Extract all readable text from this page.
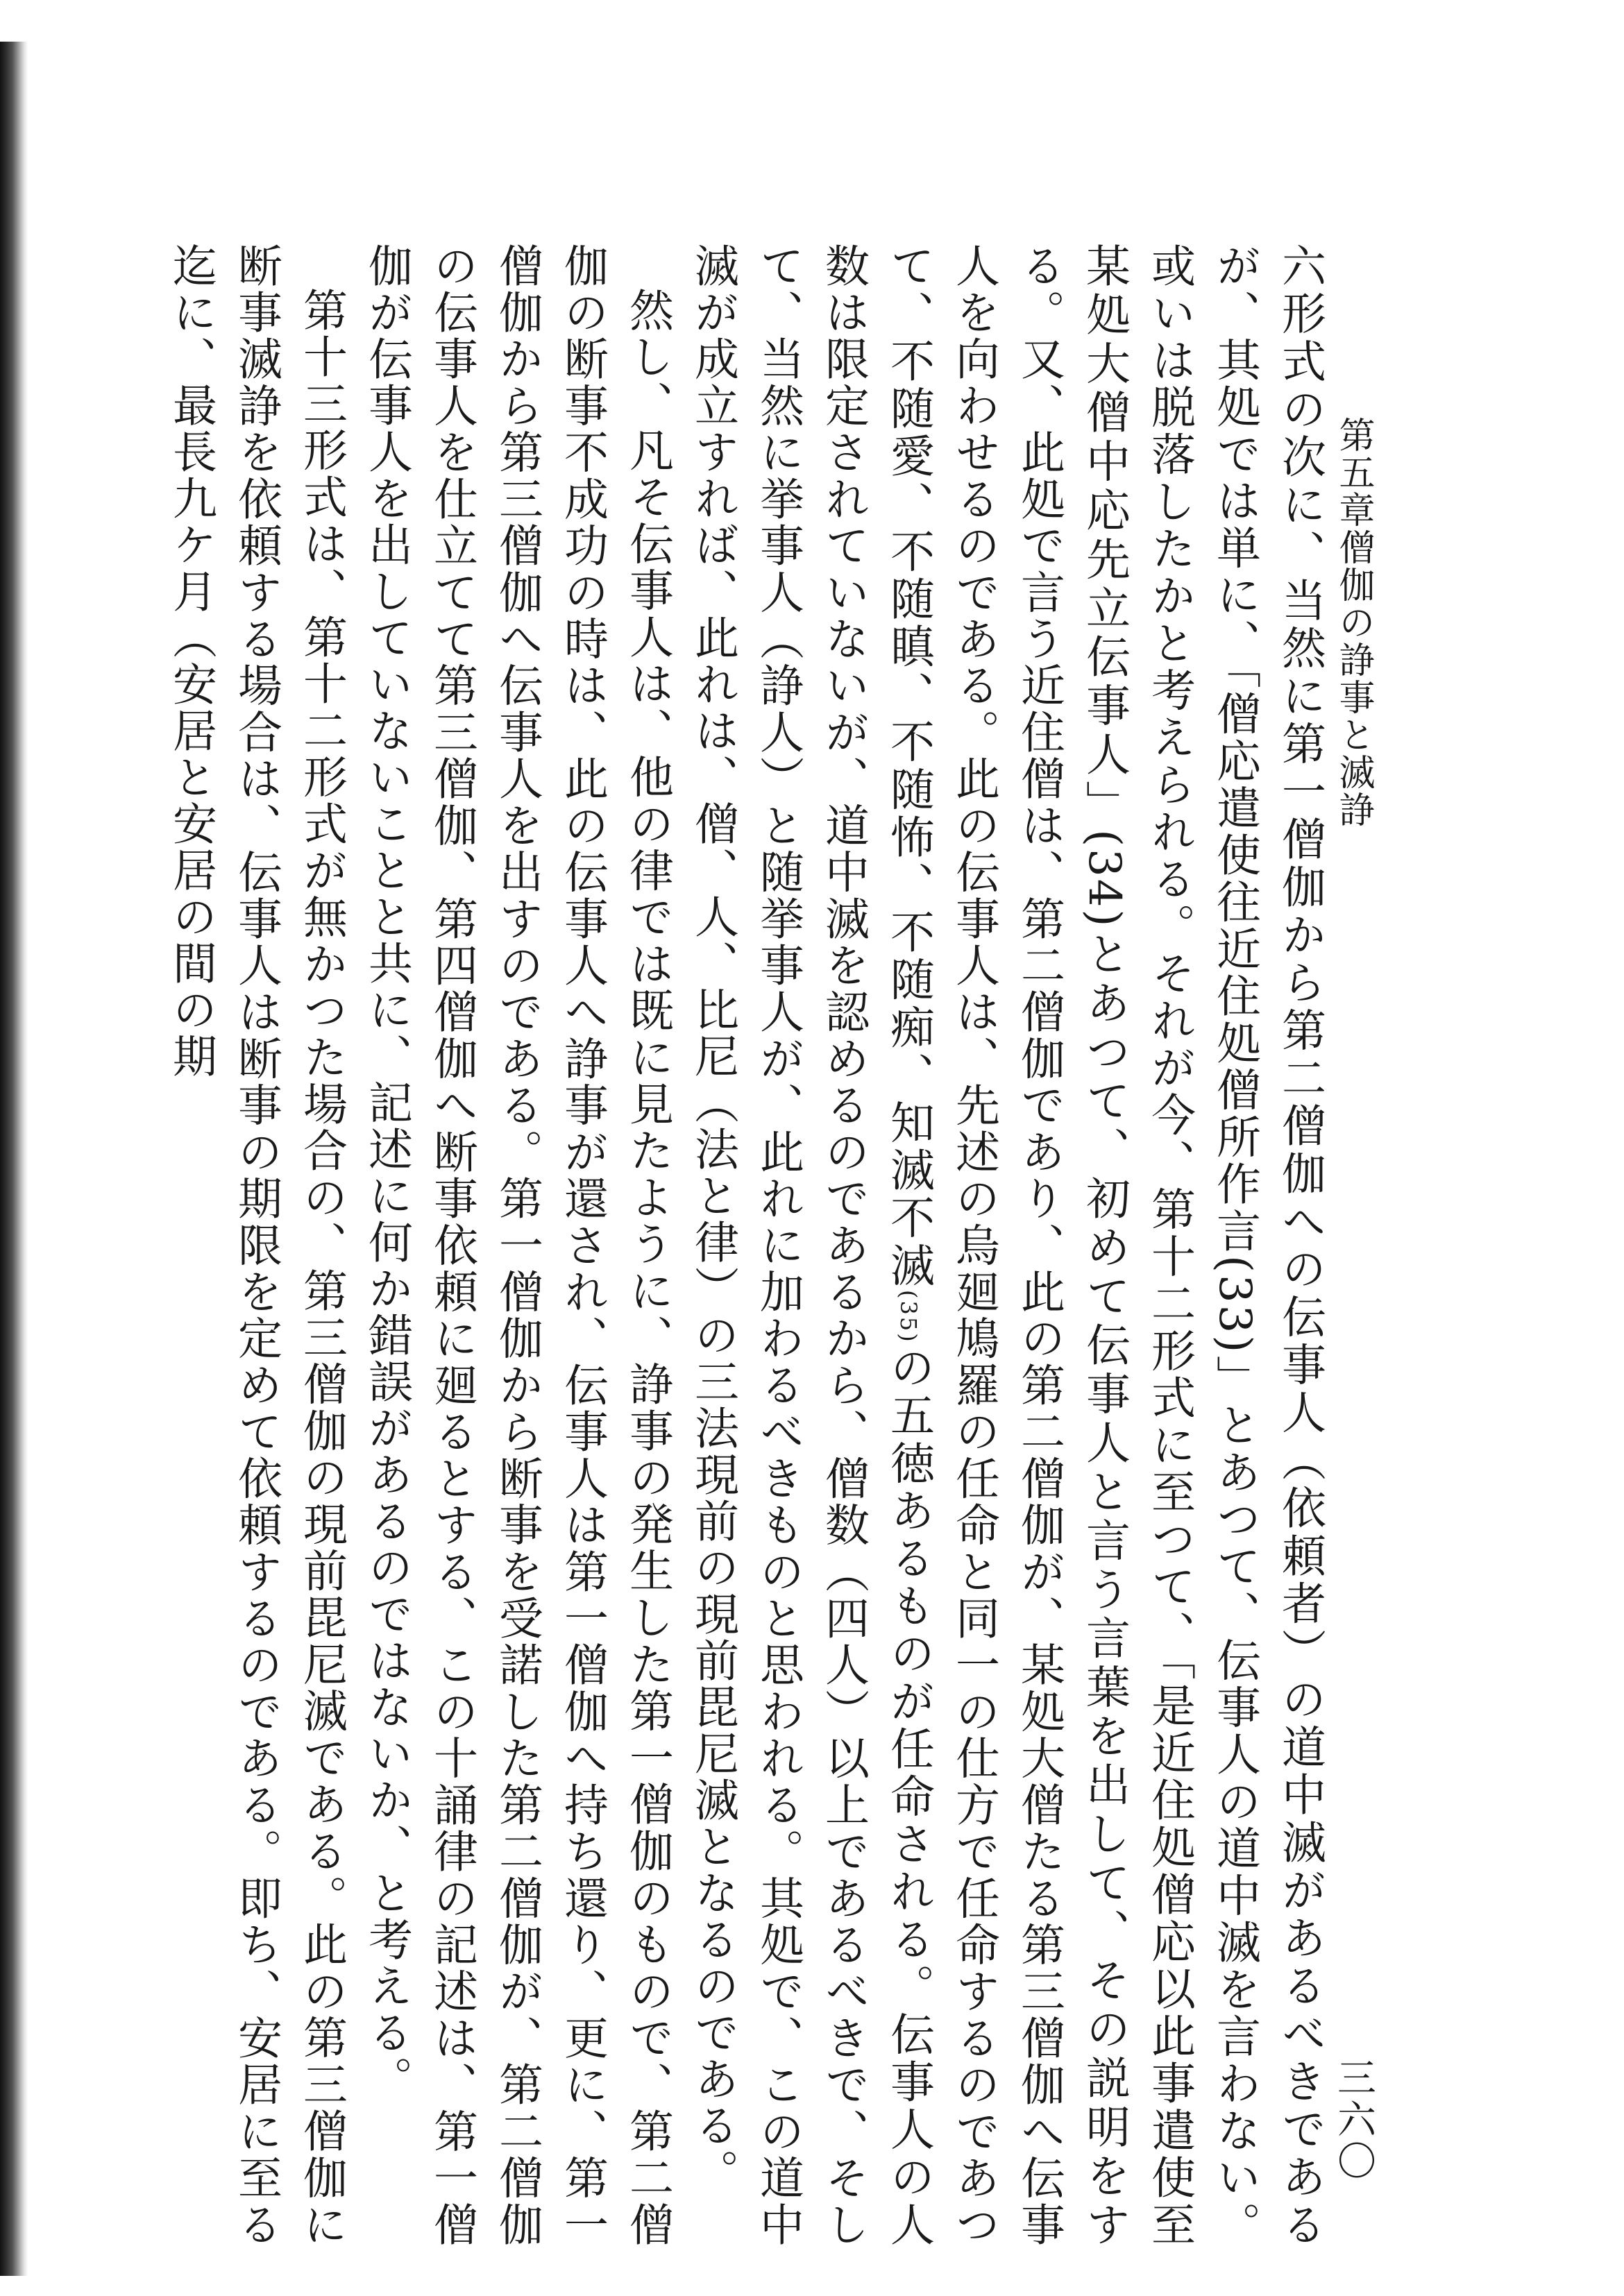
第五章僧伽の諍事と滅諍
三六〇

六形式の次に、当然に第一僧伽から第二僧伽への伝事人（依頼者）の道中滅があるべきであるが、其処では単に、「僧応遣使往近住処僧所作言(33)」とあつて、伝事人の道中滅を言わない。或いは脱落したかと考えられる。それが今、第十二形式に至つて、「是近住処僧応以此事遣使至某処大僧中応先立伝事人」(34)とあつて、初めて伝事人と言う言葉を出して、その説明をする。又、此処で言う近住僧は、第二僧伽であり、此の第二僧伽が、某処大僧たる第三僧伽へ伝事人を向わせるのである。此の伝事人は、先述の烏廻鳩羅の任命と同一の仕方で任命するのであつて、不随愛、不随瞋、不随怖、不随痴、知滅不滅(35)の五徳あるものが任命される。伝事人の人数は限定されていないが、道中滅を認めるのであるから、僧数（四人）以上であるべきで、そして、当然に挙事人（諍人）と随挙事人が、此れに加わるべきものと思われる。其処で、この道中滅が成立すれば、此れは、僧、人、比尼（法と律）の三法現前の現前毘尼滅となるのである。

然し、凡そ伝事人は、他の律では既に見たように、諍事の発生した第一僧伽のもので、第二僧伽の断事不成功の時は、此の伝事人へ諍事が還され、伝事人は第一僧伽へ持ち還り、更に、第一僧伽から第三僧伽へ伝事人を出すのである。第一僧伽から断事を受諾した第二僧伽が、第二僧伽の伝事人を仕立てて第三僧伽、第四僧伽へ断事依頼に廻るとする、この十誦律の記述は、第一僧伽が伝事人を出していないことと共に、記述に何か錯誤があるのではないか、と考える。

第十三形式は、第十二形式が無かつた場合の、第三僧伽の現前毘尼滅である。此の第三僧伽に断事滅諍を依頼する場合は、伝事人は断事の期限を定めて依頼するのである。即ち、安居に至る迄に、最長九ケ月（安居と安居の間の期
